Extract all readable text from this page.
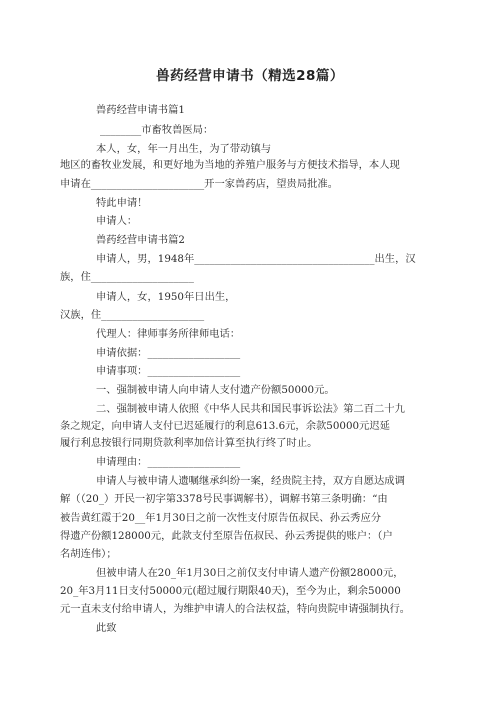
兽药经营申请书（精选28篇）
兽药经营申请书篇1
________市畜牧兽医局：
本人，女，年一月出生，为了带动镇与
地区的畜牧业发展，和更好地为当地的养殖户服务与方便技术指导，本人现
申请在______________________开一家兽药店，望贵局批准。
特此申请！
申请人：
兽药经营申请书篇2
申请人，男，1948年___________________________________出生，汉
族，住____________________
申请人，女，1950年日出生，
汉族，住____________________
代理人：律师事务所律师电话：
申请依据：__________________
申请事项：__________________
一、强制被申请人向申请人支付遗产份额50000元。
二、强制被申请人依照《中华人民共和国民事诉讼法》第二百二十九
条之规定，向申请人支付已迟延履行的利息613.6元，余款50000元迟延
履行利息按银行同期贷款利率加倍计算至执行终了时止。
申请理由：__________________
申请人与被申请人遗嘱继承纠纷一案，经贵院主持，双方自愿达成调
解（（20_）开民一初字第3378号民事调解书），调解书第三条明确：“由
被告黄红霞于20__年1月30日之前一次性支付原告伍叔民、孙云秀应分
得遗产份额128000元，此款支付至原告伍叔民、孙云秀提供的账户：（户
名胡连伟）；
但被申请人在20_年1月30日之前仅支付申请人遗产份额28000元，
20_年3月11日支付50000元(超过履行期限40天)，至今为止，剩余50000
元一直未支付给申请人，为维护申请人的合法权益，特向贵院申请强制执行。
此致
